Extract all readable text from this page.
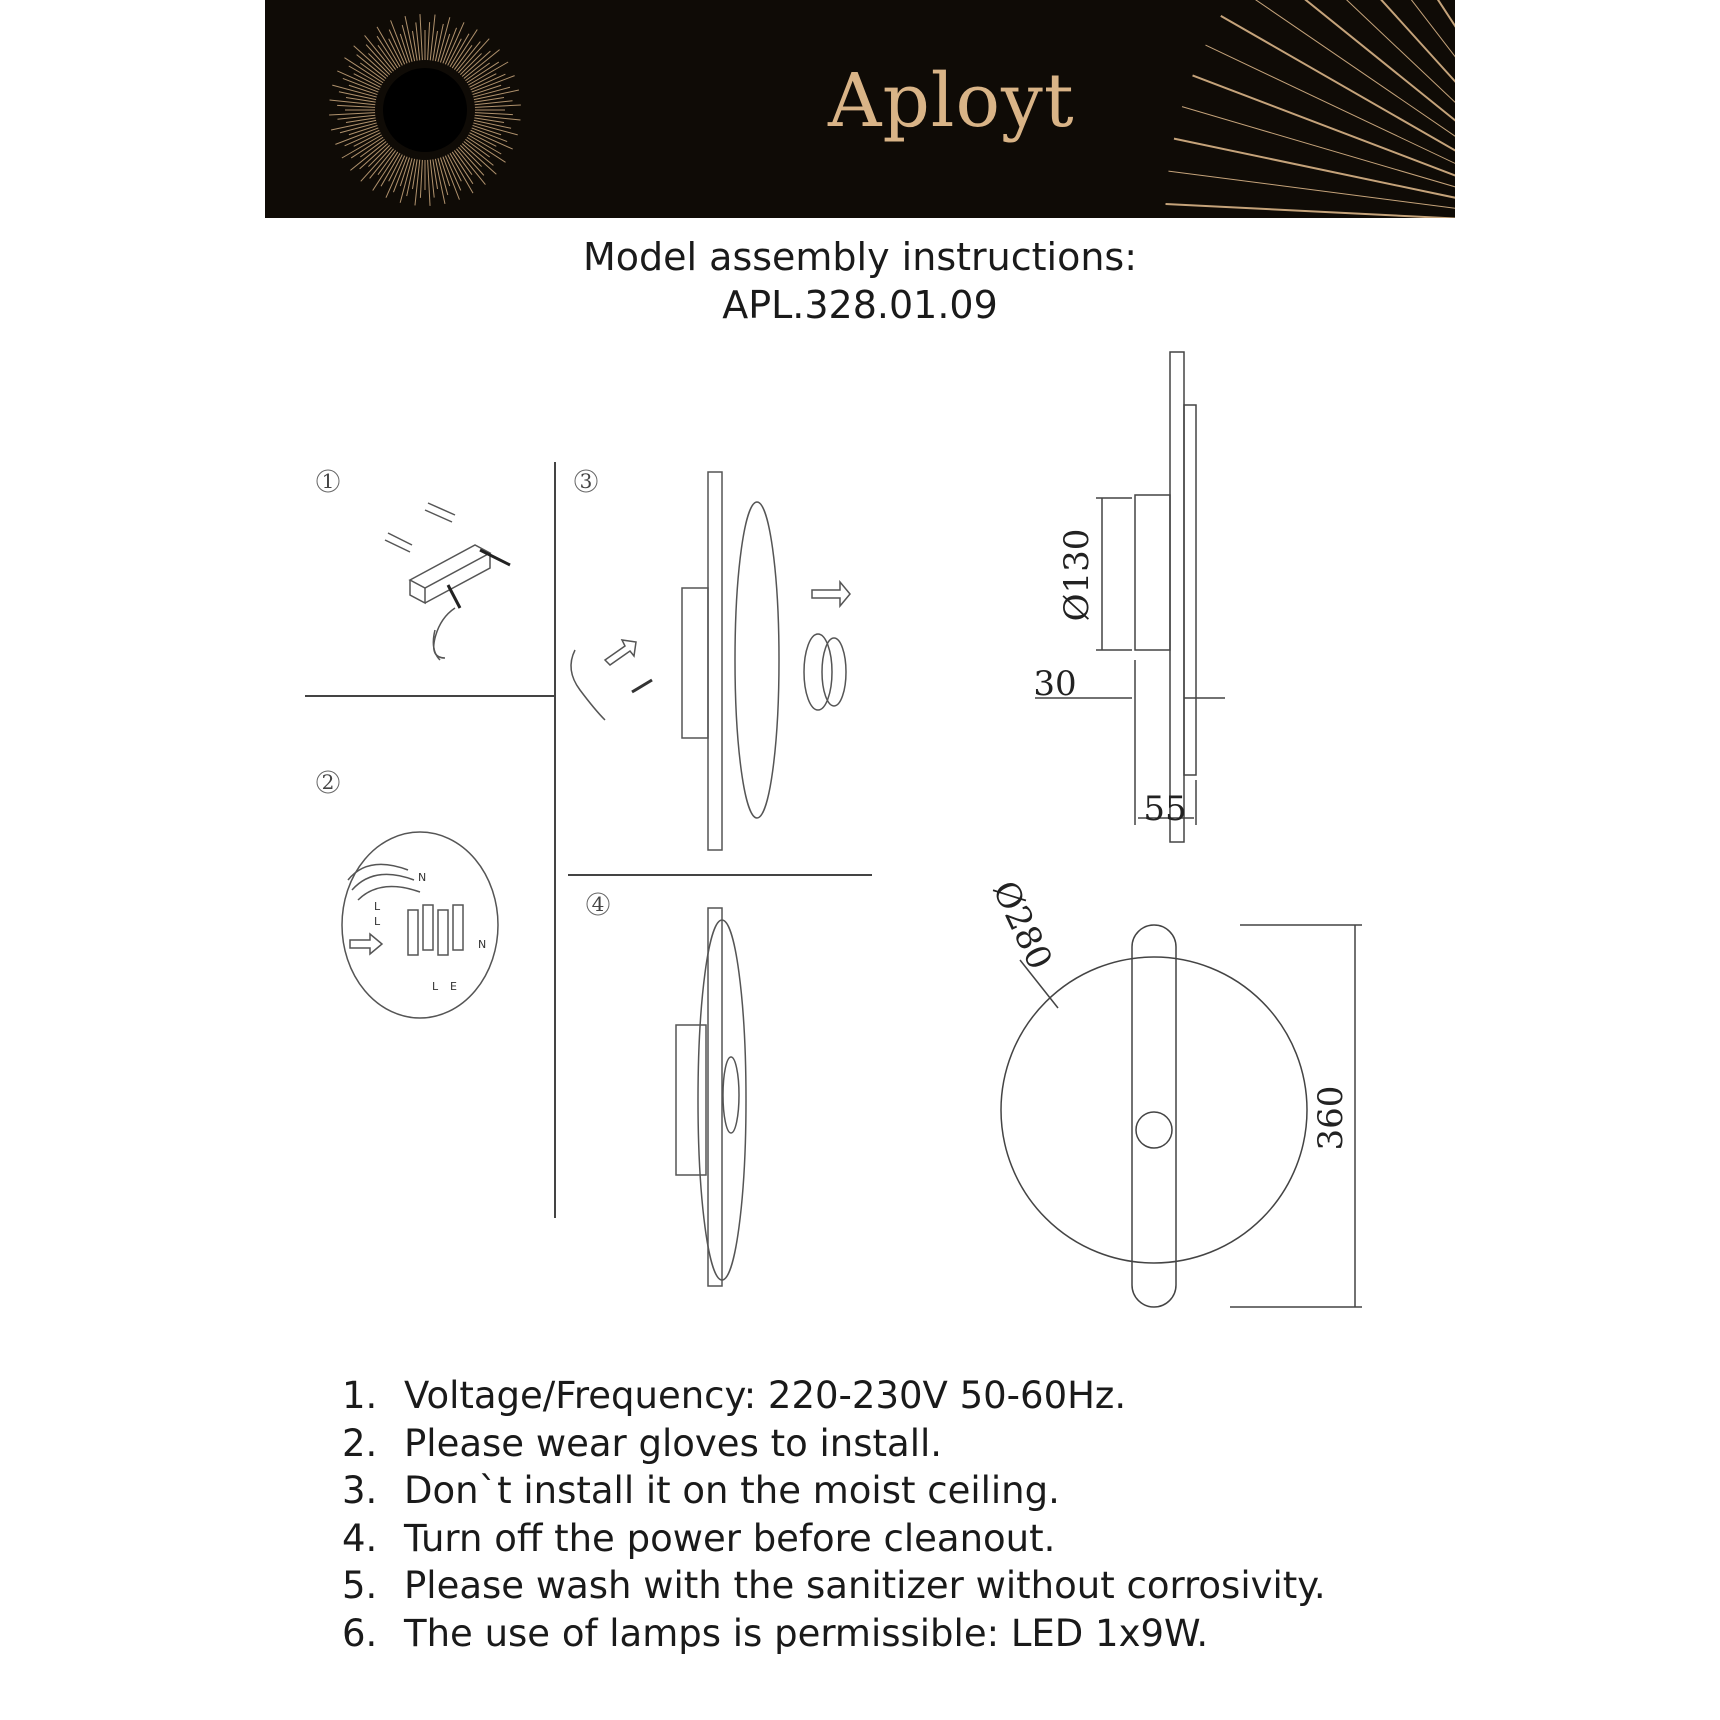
Aployt
Model assembly instructions:
APL.328.01.09
1	3
2
4
N
L
L
N
L E
Ø130
30
55
Ø280
360
1. Voltage/Frequency: 220-230V 50-60Hz.
2. Please wear gloves to install.
3. Don`t install it on the moist ceiling.
4. Turn off the power before cleanout.
5. Please wash with the sanitizer without corrosivity.
6. The use of lamps is permissible: LED 1x9W.
